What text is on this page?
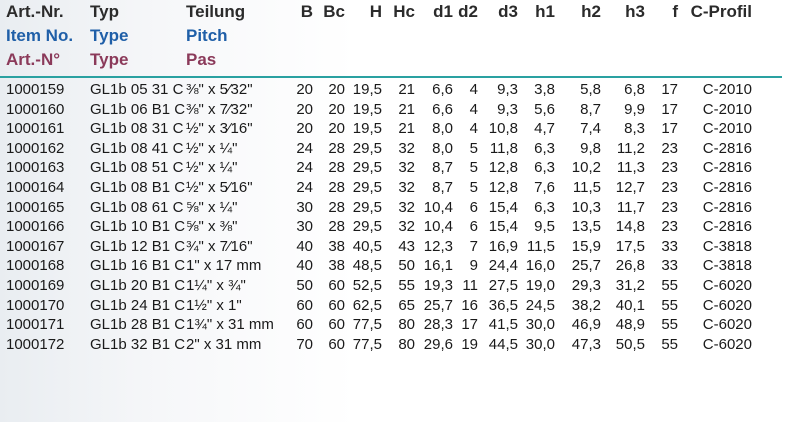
Art.-Nr.	Typ	Teilung	B	Bc	H	Hc	d1	d2	d3	h1	h2	h3	f	C-Profil
Item No.	Type	Pitch												
Art.-N°	Type	Pas												
1000159	GL1b 05 31 C	⅜" x 5⁄32"	20	20	19,5	21	6,6	4	9,3	3,8	5,8	6,8	17	C-2010
1000160	GL1b 06 B1 C	⅜" x 7⁄32"	20	20	19,5	21	6,6	4	9,3	5,6	8,7	9,9	17	C-2010
1000161	GL1b 08 31 C	½" x 3⁄16"	20	20	19,5	21	8,0	4	10,8	4,7	7,4	8,3	17	C-2010
1000162	GL1b 08 41 C	½" x ¼"	24	28	29,5	32	8,0	5	11,8	6,3	9,8	11,2	23	C-2816
1000163	GL1b 08 51 C	½" x ¼"	24	28	29,5	32	8,7	5	12,8	6,3	10,2	11,3	23	C-2816
1000164	GL1b 08 B1 C	½" x 5⁄16"	24	28	29,5	32	8,7	5	12,8	7,6	11,5	12,7	23	C-2816
1000165	GL1b 08 61 C	⅝" x ¼"	30	28	29,5	32	10,4	6	15,4	6,3	10,3	11,7	23	C-2816
1000166	GL1b 10 B1 C	⅝" x ⅜"	30	28	29,5	32	10,4	6	15,4	9,5	13,5	14,8	23	C-2816
1000167	GL1b 12 B1 C	¾" x 7⁄16"	40	38	40,5	43	12,3	7	16,9	11,5	15,9	17,5	33	C-3818
1000168	GL1b 16 B1 C	1" x 17 mm	40	38	48,5	50	16,1	9	24,4	16,0	25,7	26,8	33	C-3818
1000169	GL1b 20 B1 C	1¼" x ¾"	50	60	52,5	55	19,3	11	27,5	19,0	29,3	31,2	55	C-6020
1000170	GL1b 24 B1 C	1½" x 1"	60	60	62,5	65	25,7	16	36,5	24,5	38,2	40,1	55	C-6020
1000171	GL1b 28 B1 C	1¾" x 31 mm	60	60	77,5	80	28,3	17	41,5	30,0	46,9	48,9	55	C-6020
1000172	GL1b 32 B1 C	2" x 31 mm	70	60	77,5	80	29,6	19	44,5	30,0	47,3	50,5	55	C-6020
